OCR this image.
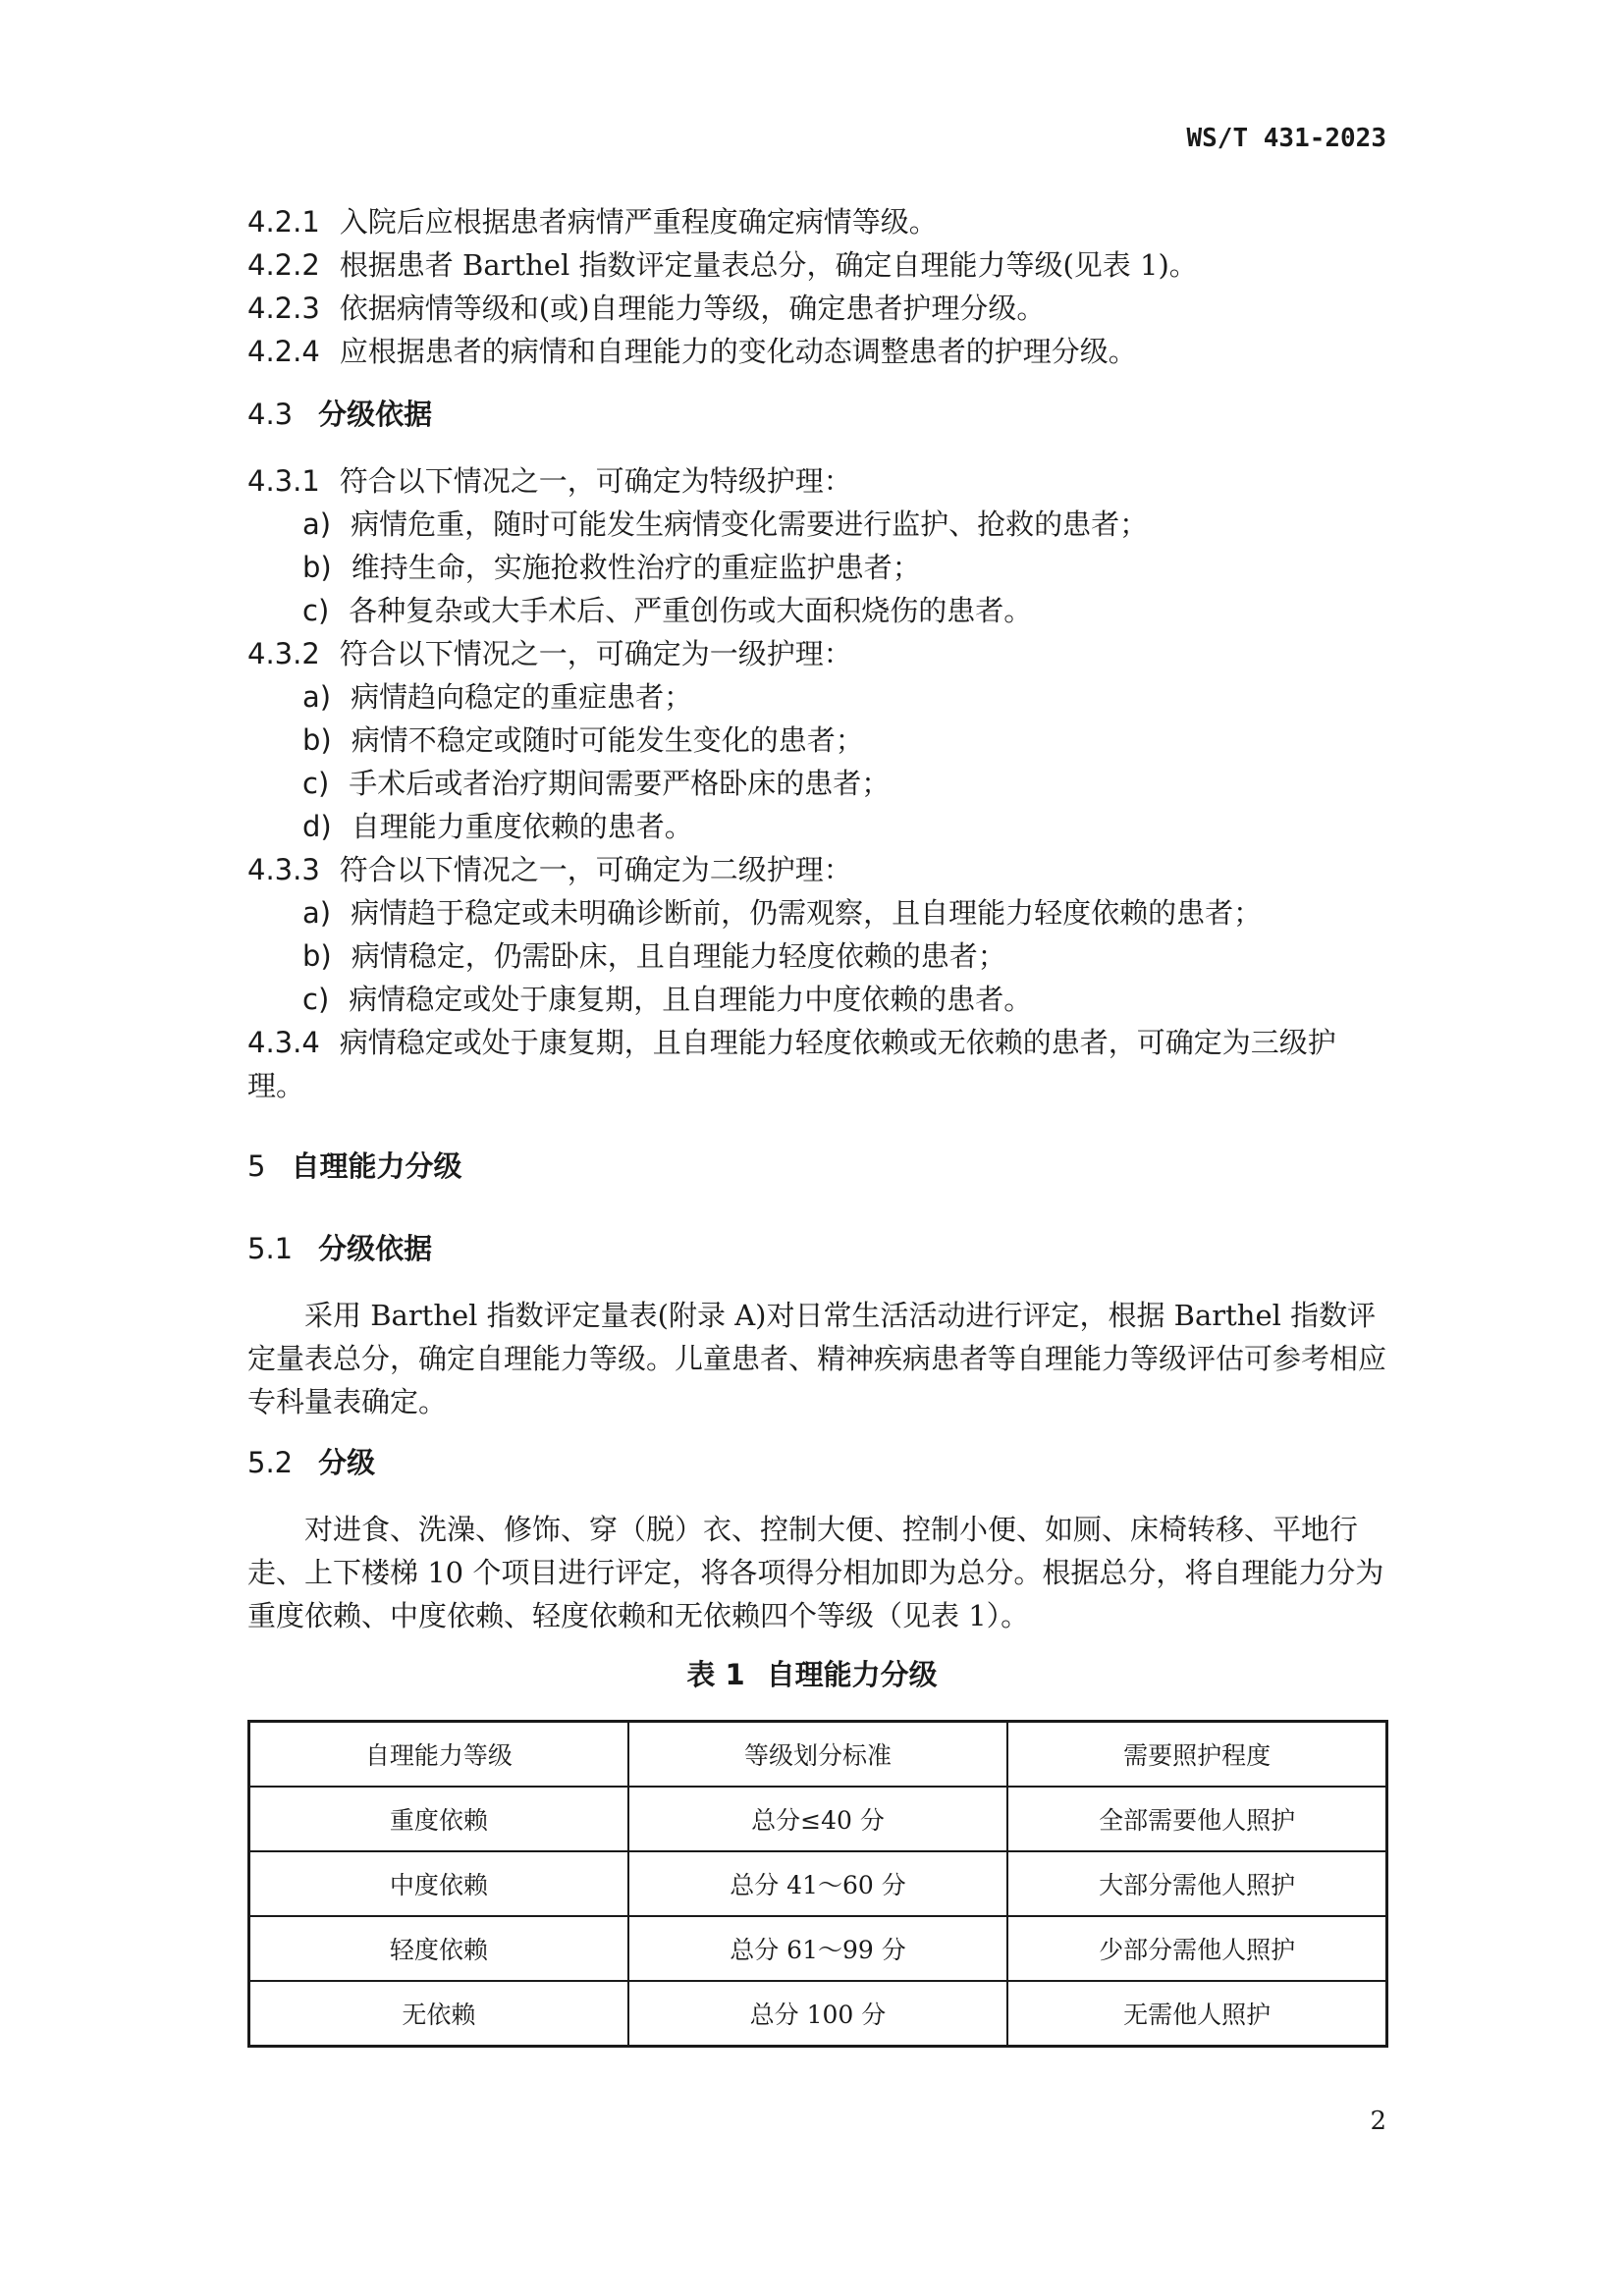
WS/T 431-2023
4.2.1 入院后应根据患者病情严重程度确定病情等级。
4.2.2 根据患者 Barthel 指数评定量表总分，确定自理能力等级(见表 1)。
4.2.3 依据病情等级和(或)自理能力等级，确定患者护理分级。
4.2.4 应根据患者的病情和自理能力的变化动态调整患者的护理分级。
4.3 分级依据
4.3.1 符合以下情况之一，可确定为特级护理：
a) 病情危重，随时可能发生病情变化需要进行监护、抢救的患者；
b) 维持生命，实施抢救性治疗的重症监护患者；
c) 各种复杂或大手术后、严重创伤或大面积烧伤的患者。
4.3.2 符合以下情况之一，可确定为一级护理：
a) 病情趋向稳定的重症患者；
b) 病情不稳定或随时可能发生变化的患者；
c) 手术后或者治疗期间需要严格卧床的患者；
d) 自理能力重度依赖的患者。
4.3.3 符合以下情况之一，可确定为二级护理：
a) 病情趋于稳定或未明确诊断前，仍需观察，且自理能力轻度依赖的患者；
b) 病情稳定，仍需卧床，且自理能力轻度依赖的患者；
c) 病情稳定或处于康复期，且自理能力中度依赖的患者。
4.3.4 病情稳定或处于康复期，且自理能力轻度依赖或无依赖的患者，可确定为三级护
理。
5 自理能力分级
5.1 分级依据
采用 Barthel 指数评定量表(附录 A)对日常生活活动进行评定，根据 Barthel 指数评定量表总分，确定自理能力等级。儿童患者、精神疾病患者等自理能力等级评估可参考相应专科量表确定。
5.2 分级
对进食、洗澡、修饰、穿（脱）衣、控制大便、控制小便、如厕、床椅转移、平地行走、上下楼梯 10 个项目进行评定，将各项得分相加即为总分。根据总分，将自理能力分为重度依赖、中度依赖、轻度依赖和无依赖四个等级（见表 1）。
表 1 自理能力分级
自理能力等级	等级划分标准	需要照护程度
重度依赖	总分≤40 分	全部需要他人照护
中度依赖	总分 41～60 分	大部分需他人照护
轻度依赖	总分 61～99 分	少部分需他人照护
无依赖	总分 100 分	无需他人照护
2
